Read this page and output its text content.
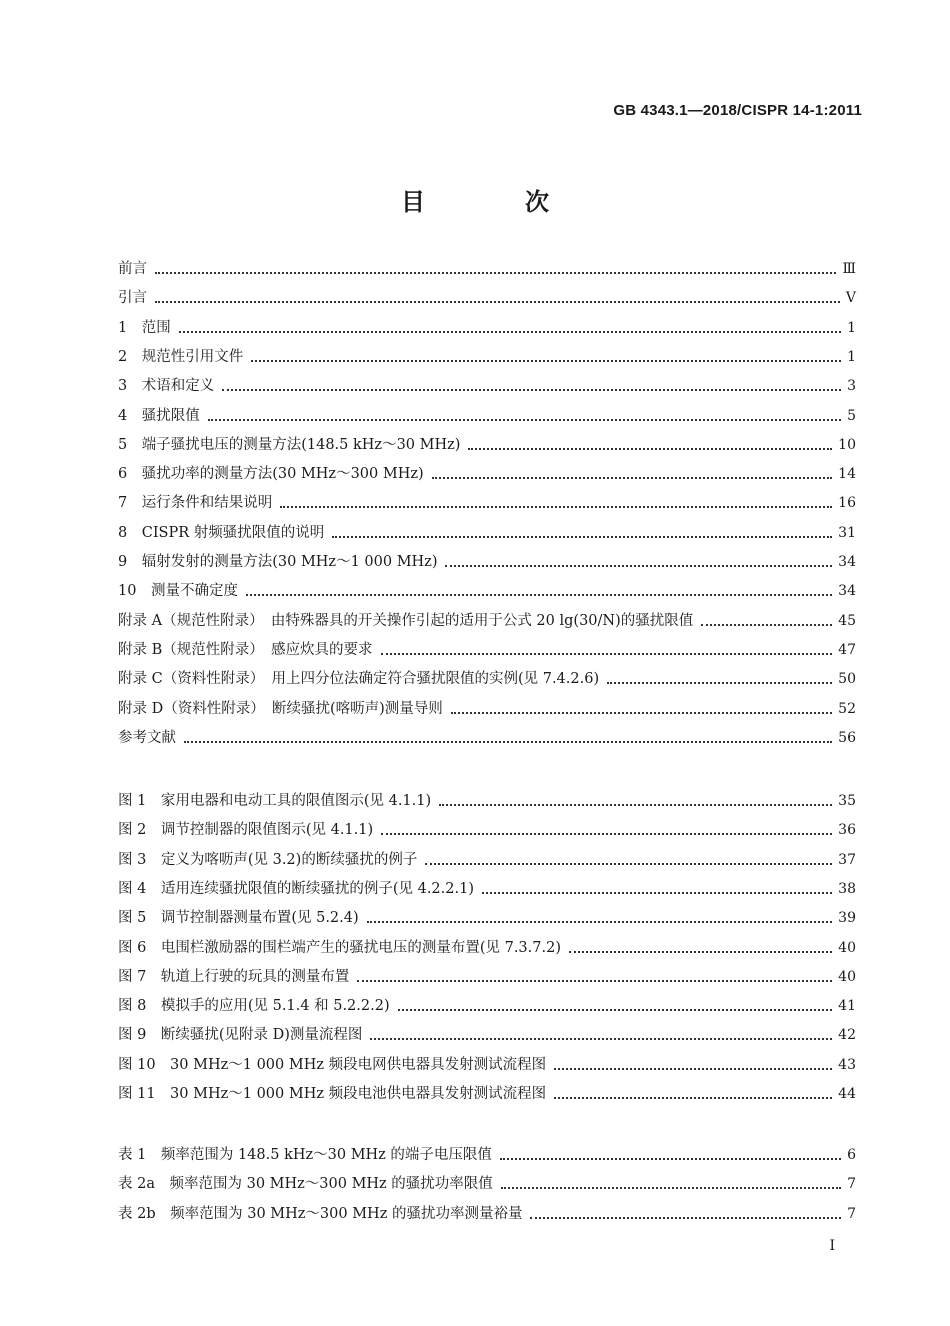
GB 4343.1—2018/CISPR 14-1:2011
目　次
前言	Ⅲ
引言	Ⅴ
1　范围	1
2　规范性引用文件	1
3　术语和定义	3
4　骚扰限值	5
5　端子骚扰电压的测量方法(148.5 kHz～30 MHz)	10
6　骚扰功率的测量方法(30 MHz～300 MHz)	14
7　运行条件和结果说明	16
8　CISPR 射频骚扰限值的说明	31
9　辐射发射的测量方法(30 MHz～1 000 MHz)	34
10　测量不确定度	34
附录 A（规范性附录）　由特殊器具的开关操作引起的适用于公式 20 lg(30/N)的骚扰限值	45
附录 B（规范性附录）　感应炊具的要求	47
附录 C（资料性附录）　用上四分位法确定符合骚扰限值的实例(见 7.4.2.6)	50
附录 D（资料性附录）　断续骚扰(喀呖声)测量导则	52
参考文献	56
图 1　家用电器和电动工具的限值图示(见 4.1.1)	35
图 2　调节控制器的限值图示(见 4.1.1)	36
图 3　定义为喀呖声(见 3.2)的断续骚扰的例子	37
图 4　适用连续骚扰限值的断续骚扰的例子(见 4.2.2.1)	38
图 5　调节控制器测量布置(见 5.2.4)	39
图 6　电围栏激励器的围栏端产生的骚扰电压的测量布置(见 7.3.7.2)	40
图 7　轨道上行驶的玩具的测量布置	40
图 8　模拟手的应用(见 5.1.4 和 5.2.2.2)	41
图 9　断续骚扰(见附录 D)测量流程图	42
图 10　30 MHz～1 000 MHz 频段电网供电器具发射测试流程图	43
图 11　30 MHz～1 000 MHz 频段电池供电器具发射测试流程图	44
表 1　频率范围为 148.5 kHz～30 MHz 的端子电压限值	6
表 2a　频率范围为 30 MHz～300 MHz 的骚扰功率限值	7
表 2b　频率范围为 30 MHz～300 MHz 的骚扰功率测量裕量	7
I
